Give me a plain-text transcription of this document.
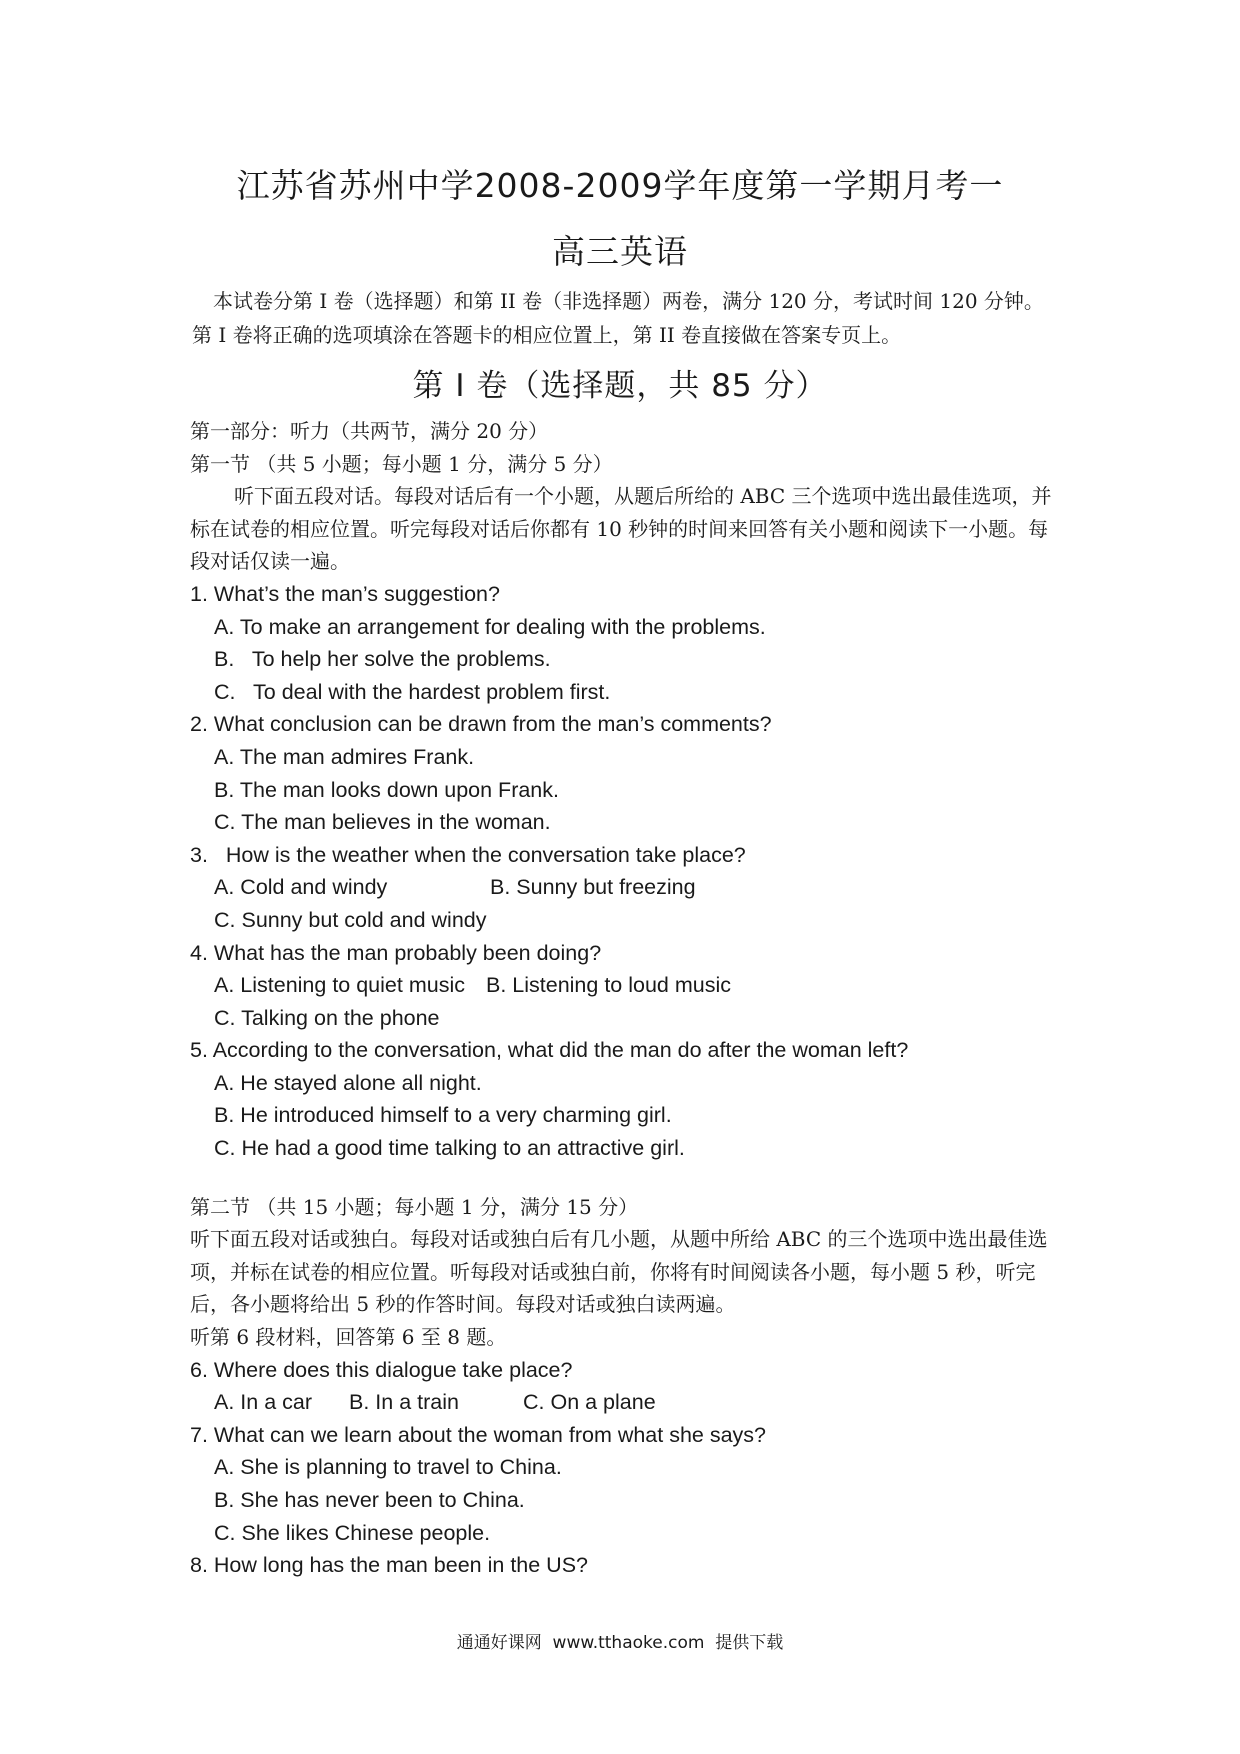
江苏省苏州中学2008-2009学年度第一学期月考一
高三英语
本试卷分第 I 卷（选择题）和第 II 卷（非选择题）两卷，满分 120 分，考试时间 120 分钟。第 I 卷将正确的选项填涂在答题卡的相应位置上，第 II 卷直接做在答案专页上。
第 I 卷（选择题，共 85 分）
第一部分：听力（共两节，满分 20 分）
第一节 （共 5 小题；每小题 1 分，满分 5 分）
听下面五段对话。每段对话后有一个小题，从题后所给的 ABC 三个选项中选出最佳选项，并标在试卷的相应位置。听完每段对话后你都有 10 秒钟的时间来回答有关小题和阅读下一小题。每段对话仅读一遍。
1. What’s the man’s suggestion?
A. To make an arrangement for dealing with the problems.
B.   To help her solve the problems.
C.   To deal with the hardest problem first.
2. What conclusion can be drawn from the man’s comments?
A. The man admires Frank.
B. The man looks down upon Frank.
C. The man believes in the woman.
3.   How is the weather when the conversation take place?
A. Cold and windy	B. Sunny but freezing
C. Sunny but cold and windy
4. What has the man probably been doing?
A. Listening to quiet music B. Listening to loud music
C. Talking on the phone
5. According to the conversation, what did the man do after the woman left?
A. He stayed alone all night.
B. He introduced himself to a very charming girl.
C. He had a good time talking to an attractive girl.
第二节 （共 15 小题；每小题 1 分，满分 15 分）
听下面五段对话或独白。每段对话或独白后有几小题，从题中所给 ABC 的三个选项中选出最佳选项，并标在试卷的相应位置。听每段对话或独白前，你将有时间阅读各小题，每小题 5 秒，听完后，各小题将给出 5 秒的作答时间。每段对话或独白读两遍。
听第 6 段材料，回答第 6 至 8 题。
6. Where does this dialogue take place?
A. In a car B. In a train	C. On a plane
7. What can we learn about the woman from what she says?
A. She is planning to travel to China.
B. She has never been to China.
C. She likes Chinese people.
8. How long has the man been in the US?
通通好课网  www.tthaoke.com  提供下载
